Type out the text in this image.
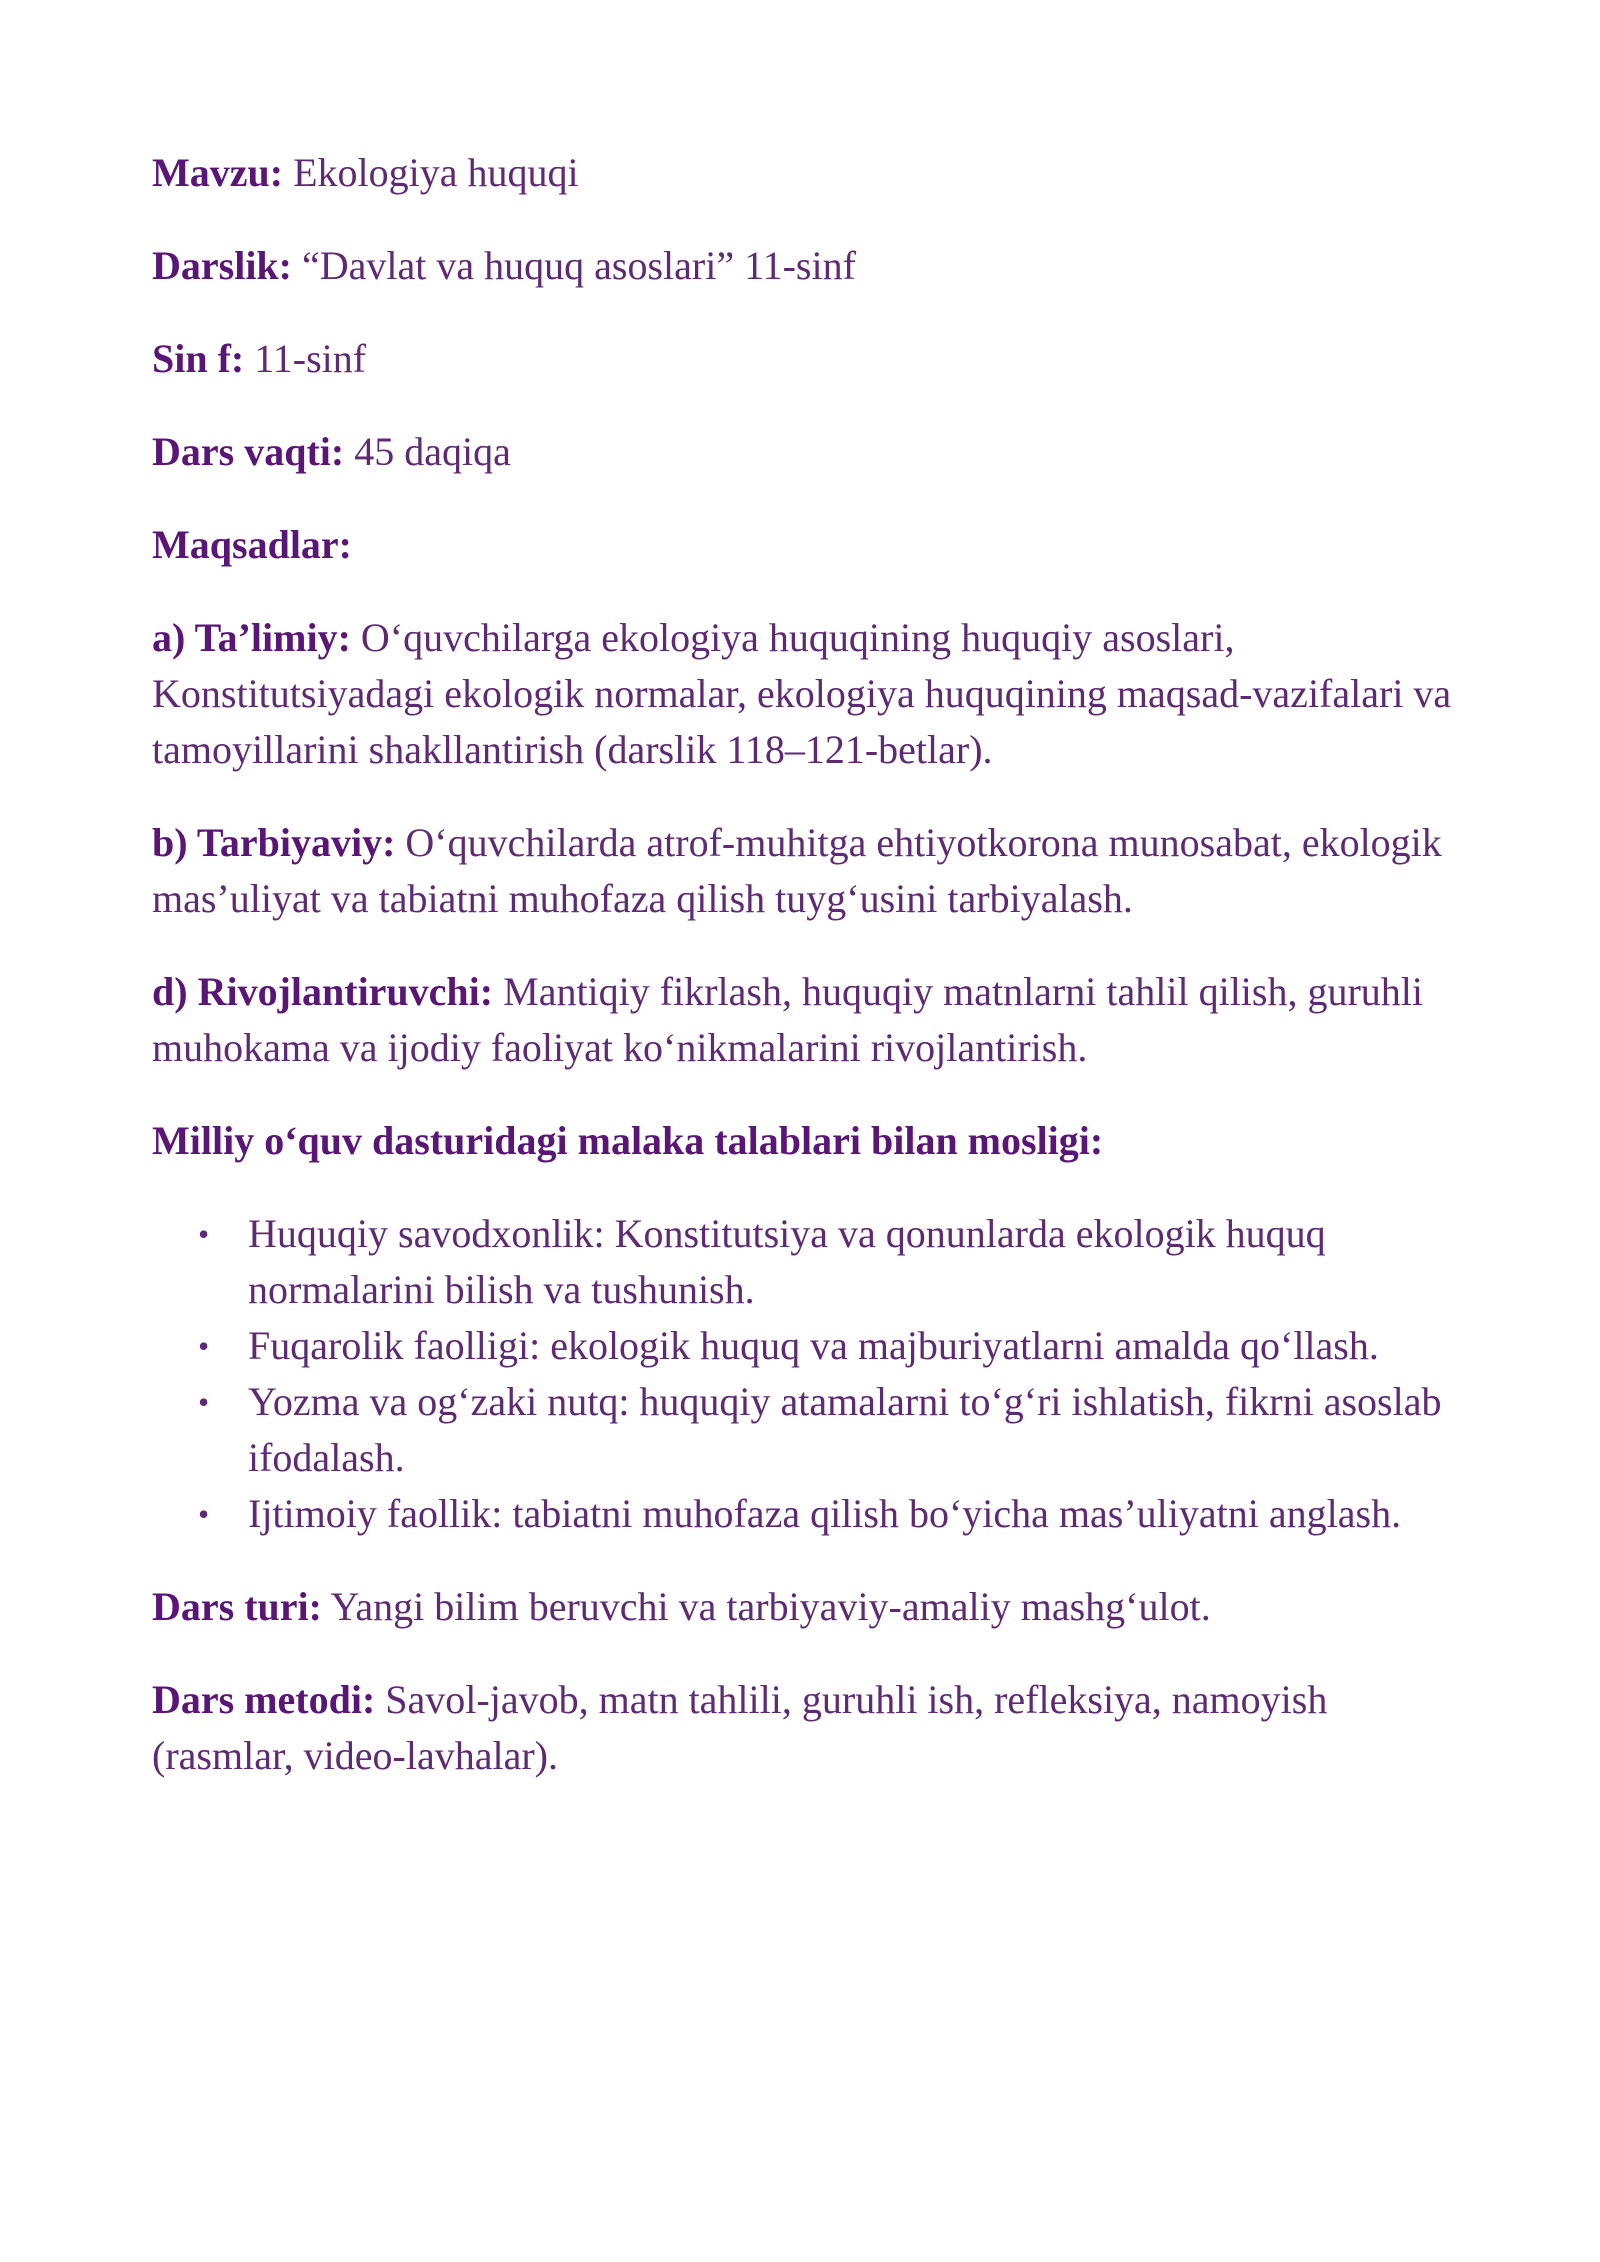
Mavzu: Ekologiya huquqi

Darslik: “Davlat va huquq asoslari” 11-sinf

Sin f: 11-sinf

Dars vaqti: 45 daqiqa

Maqsadlar:

a) Ta’limiy: O‘quvchilarga ekologiya huquqining huquqiy asoslari, Konstitutsiyadagi ekologik normalar, ekologiya huquqining maqsad-vazifalari va tamoyillarini shakllantirish (darslik 118–121-betlar).

b) Tarbiyaviy: O‘quvchilarda atrof-muhitga ehtiyotkorona munosabat, ekologik mas’uliyat va tabiatni muhofaza qilish tuyg‘usini tarbiyalash.

d) Rivojlantiruvchi: Mantiqiy fikrlash, huquqiy matnlarni tahlil qilish, guruhli muhokama va ijodiy faoliyat ko‘nikmalarini rivojlantirish.

Milliy o‘quv dasturidagi malaka talablari bilan mosligi:

• Huquqiy savodxonlik: Konstitutsiya va qonunlarda ekologik huquq normalarini bilish va tushunish.
• Fuqarolik faolligi: ekologik huquq va majburiyatlarni amalda qo‘llash.
• Yozma va og‘zaki nutq: huquqiy atamalarni to‘g‘ri ishlatish, fikrni asoslab ifodalash.
• Ijtimoiy faollik: tabiatni muhofaza qilish bo‘yicha mas’uliyatni anglash.

Dars turi: Yangi bilim beruvchi va tarbiyaviy-amaliy mashg‘ulot.

Dars metodi: Savol-javob, matn tahlili, guruhli ish, refleksiya, namoyish (rasmlar, video-lavhalar).
